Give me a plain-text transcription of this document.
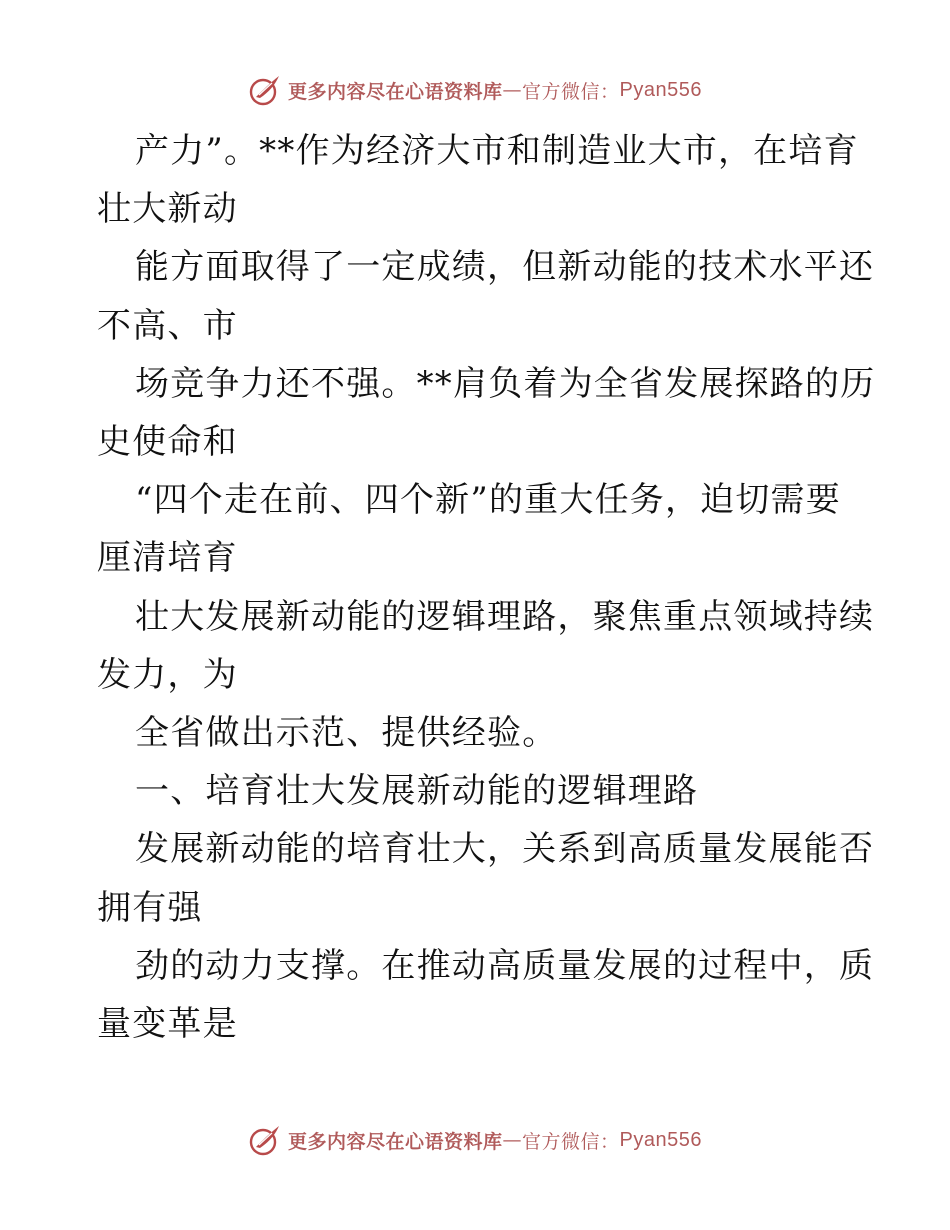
更多内容尽在心语资料库 — 官方微信： Pyan556

产力”。**作为经济大市和制造业大市，在培育

壮大新动

能方面取得了一定成绩，但新动能的技术水平还

不高、市

场竞争力还不强。**肩负着为全省发展探路的历

史使命和

“四个走在前、四个新”的重大任务，迫切需要

厘清培育

壮大发展新动能的逻辑理路，聚焦重点领域持续

发力，为

全省做出示范、提供经验。

一、培育壮大发展新动能的逻辑理路

发展新动能的培育壮大，关系到高质量发展能否

拥有强

劲的动力支撑。在推动高质量发展的过程中，质

量变革是

更多内容尽在心语资料库 — 官方微信： Pyan556
